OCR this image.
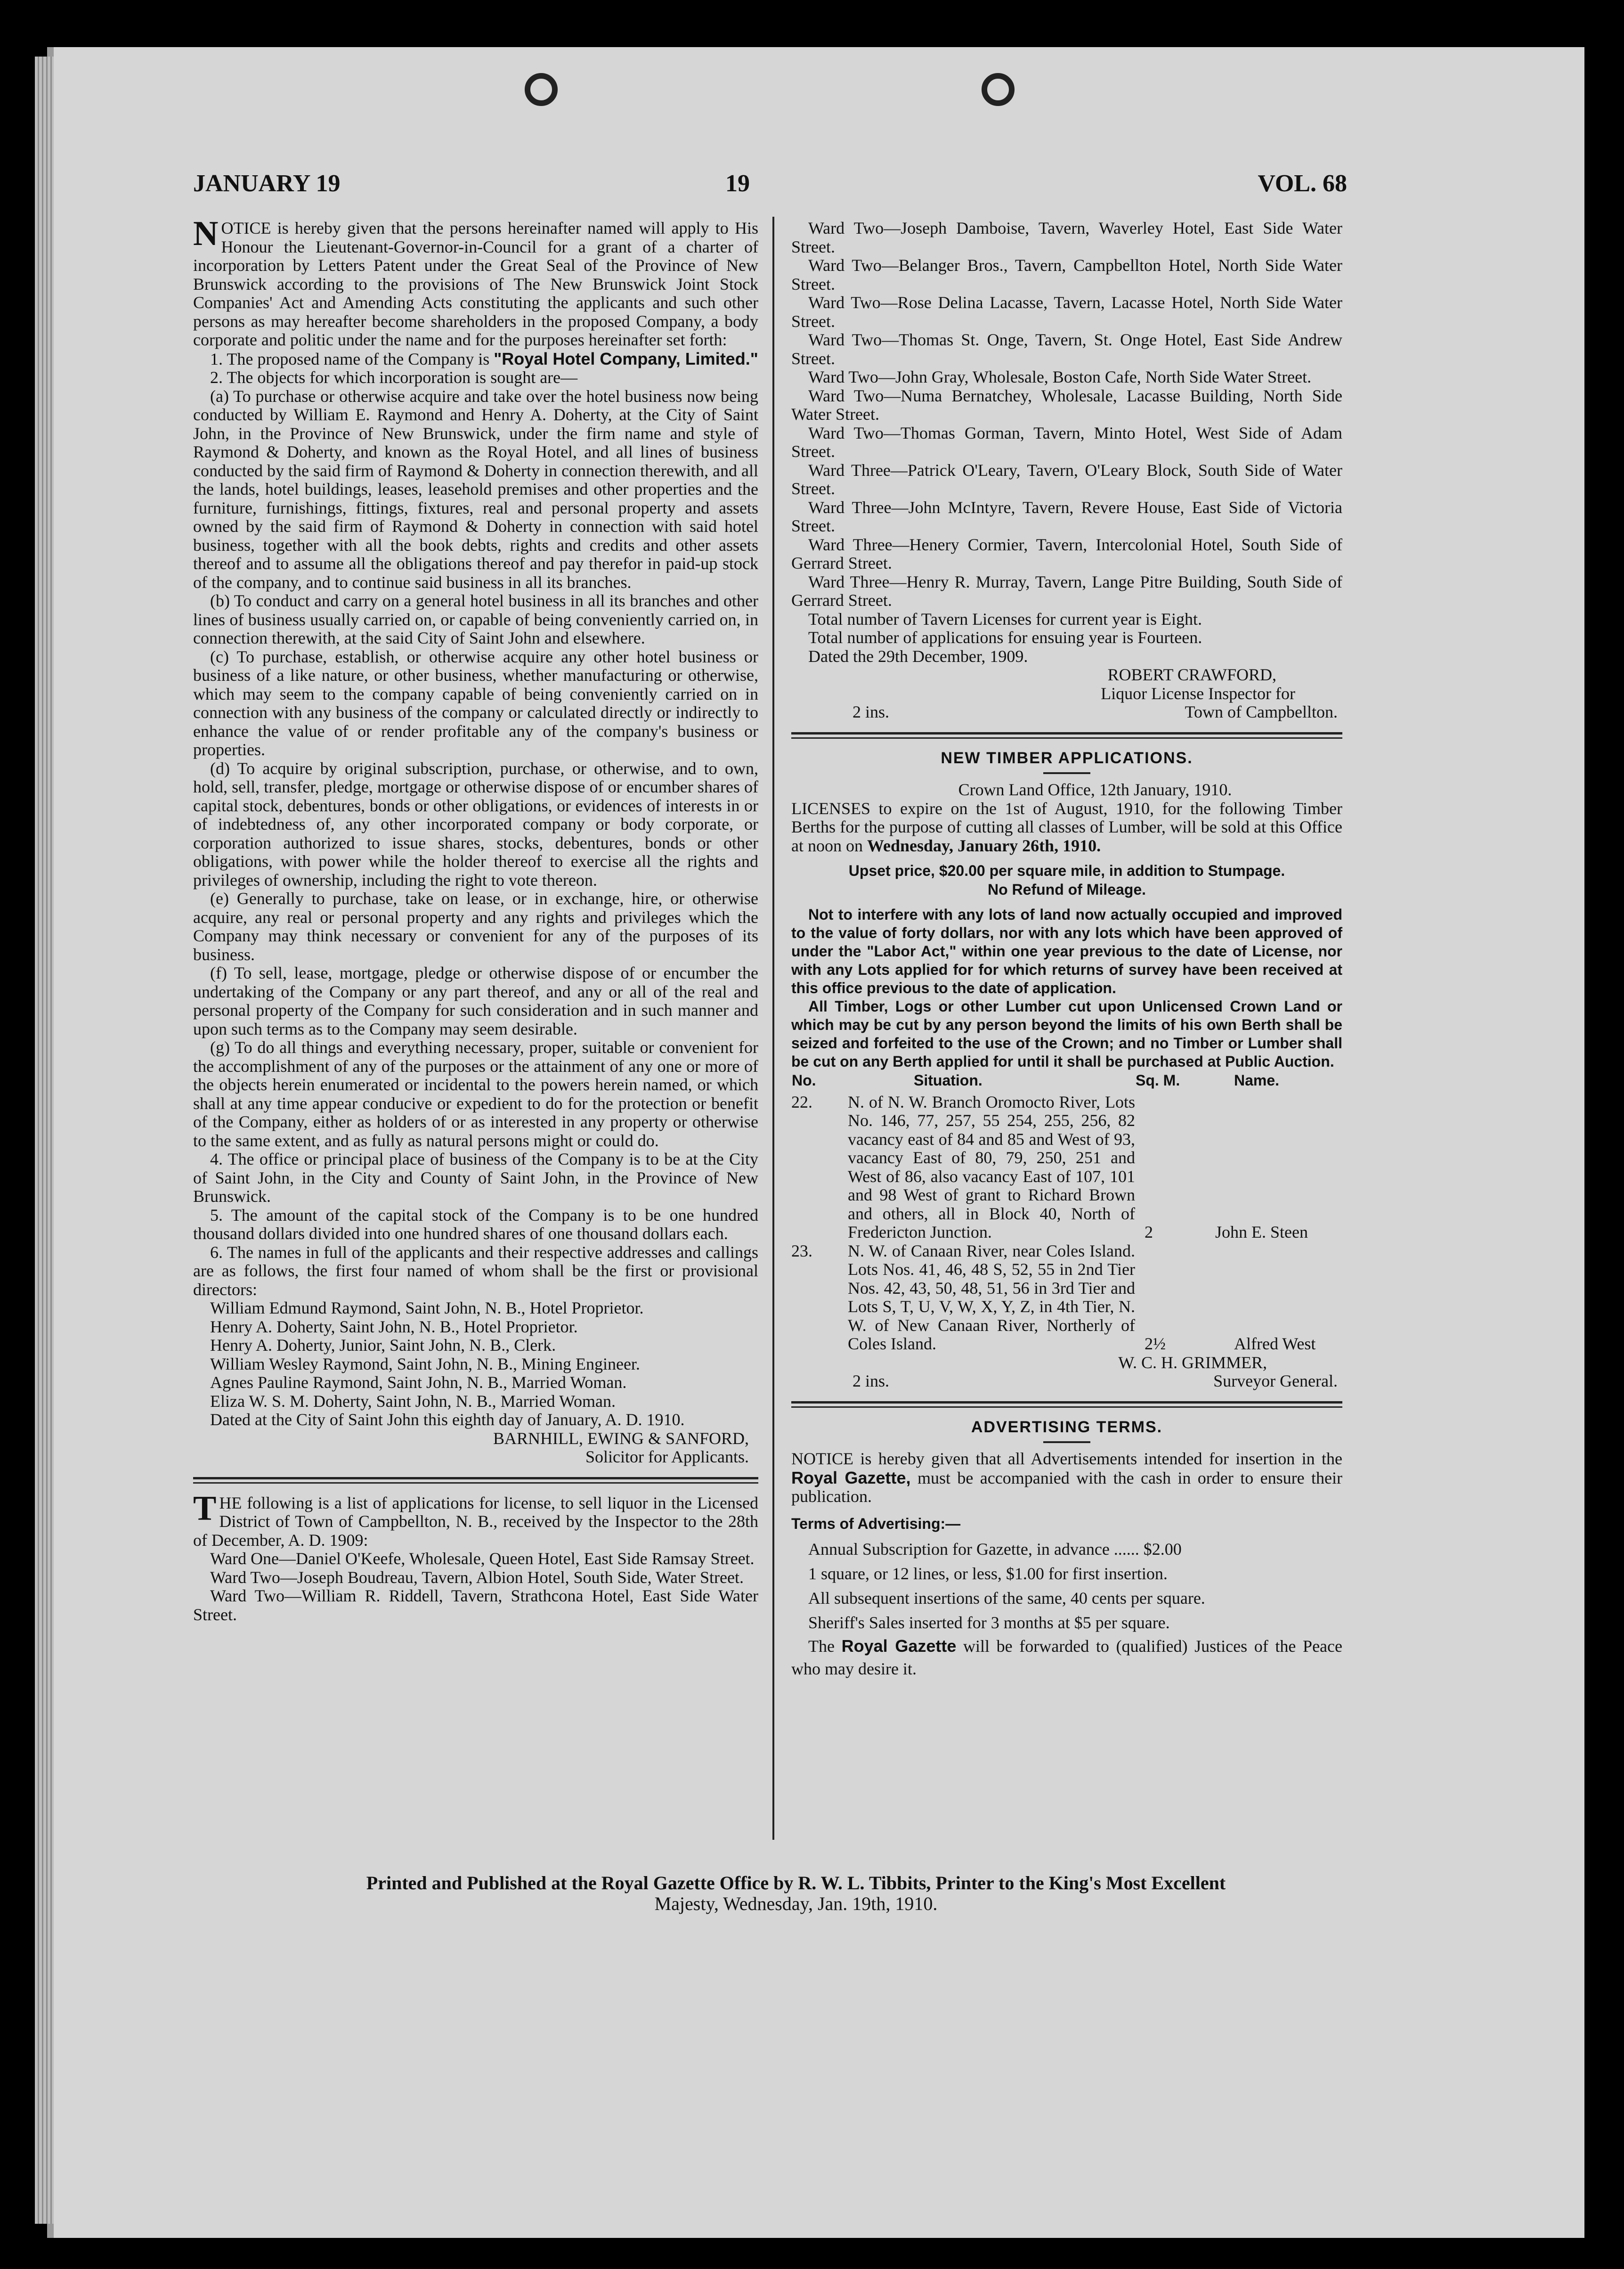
JANUARY 19	19	VOL. 68

NOTICE is hereby given that the persons hereinafter named will apply to His Honour the Lieutenant-Governor-in-Council for a grant of a charter of incorporation by Letters Patent under the Great Seal of the Province of New Brunswick according to the provisions of The New Brunswick Joint Stock Companies' Act and Amending Acts constituting the applicants and such other persons as may hereafter become shareholders in the proposed Company, a body corporate and politic under the name and for the purposes hereinafter set forth:

1. The proposed name of the Company is "Royal Hotel Company, Limited."

2. The objects for which incorporation is sought are—

(a) To purchase or otherwise acquire and take over the hotel business now being conducted by William E. Raymond and Henry A. Doherty, at the City of Saint John, in the Province of New Brunswick, under the firm name and style of Raymond & Doherty, and known as the Royal Hotel, and all lines of business conducted by the said firm of Raymond & Doherty in connection therewith, and all the lands, hotel buildings, leases, leasehold premises and other properties and the furniture, furnishings, fittings, fixtures, real and personal property and assets owned by the said firm of Raymond & Doherty in connection with said hotel business, together with all the book debts, rights and credits and other assets thereof and to assume all the obligations thereof and pay therefor in paid-up stock of the company, and to continue said business in all its branches.

(b) To conduct and carry on a general hotel business in all its branches and other lines of business usually carried on, or capable of being conveniently carried on, in connection therewith, at the said City of Saint John and elsewhere.

(c) To purchase, establish, or otherwise acquire any other hotel business or business of a like nature, or other business, whether manufacturing or otherwise, which may seem to the company capable of being conveniently carried on in connection with any business of the company or calculated directly or indirectly to enhance the value of or render profitable any of the company's business or properties.

(d) To acquire by original subscription, purchase, or otherwise, and to own, hold, sell, transfer, pledge, mortgage or otherwise dispose of or encumber shares of capital stock, debentures, bonds or other obligations, or evidences of interests in or of indebtedness of, any other incorporated company or body corporate, or corporation authorized to issue shares, stocks, debentures, bonds or other obligations, with power while the holder thereof to exercise all the rights and privileges of ownership, including the right to vote thereon.

(e) Generally to purchase, take on lease, or in exchange, hire, or otherwise acquire, any real or personal property and any rights and privileges which the Company may think necessary or convenient for any of the purposes of its business.

(f) To sell, lease, mortgage, pledge or otherwise dispose of or encumber the undertaking of the Company or any part thereof, and any or all of the real and personal property of the Company for such consideration and in such manner and upon such terms as to the Company may seem desirable.

(g) To do all things and everything necessary, proper, suitable or convenient for the accomplishment of any of the purposes or the attainment of any one or more of the objects herein enumerated or incidental to the powers herein named, or which shall at any time appear conducive or expedient to do for the protection or benefit of the Company, either as holders of or as interested in any property or otherwise to the same extent, and as fully as natural persons might or could do.

4. The office or principal place of business of the Company is to be at the City of Saint John, in the City and County of Saint John, in the Province of New Brunswick.

5. The amount of the capital stock of the Company is to be one hundred thousand dollars divided into one hundred shares of one thousand dollars each.

6. The names in full of the applicants and their respective addresses and callings are as follows, the first four named of whom shall be the first or provisional directors:

William Edmund Raymond, Saint John, N. B., Hotel Proprietor.

Henry A. Doherty, Saint John, N. B., Hotel Proprietor.

Henry A. Doherty, Junior, Saint John, N. B., Clerk.

William Wesley Raymond, Saint John, N. B., Mining Engineer.

Agnes Pauline Raymond, Saint John, N. B., Married Woman.

Eliza W. S. M. Doherty, Saint John, N. B., Married Woman.

Dated at the City of Saint John this eighth day of January, A. D. 1910.

BARNHILL, EWING & SANFORD,

Solicitor for Applicants.

THE following is a list of applications for license, to sell liquor in the Licensed District of Town of Campbellton, N. B., received by the Inspector to the 28th of December, A. D. 1909:

Ward One—Daniel O'Keefe, Wholesale, Queen Hotel, East Side Ramsay Street.

Ward Two—Joseph Boudreau, Tavern, Albion Hotel, South Side, Water Street.

Ward Two—William R. Riddell, Tavern, Strathcona Hotel, East Side Water Street.

Ward Two—Joseph Damboise, Tavern, Waverley Hotel, East Side Water Street.

Ward Two—Belanger Bros., Tavern, Campbellton Hotel, North Side Water Street.

Ward Two—Rose Delina Lacasse, Tavern, Lacasse Hotel, North Side Water Street.

Ward Two—Thomas St. Onge, Tavern, St. Onge Hotel, East Side Andrew Street.

Ward Two—John Gray, Wholesale, Boston Cafe, North Side Water Street.

Ward Two—Numa Bernatchey, Wholesale, Lacasse Building, North Side Water Street.

Ward Two—Thomas Gorman, Tavern, Minto Hotel, West Side of Adam Street.

Ward Three—Patrick O'Leary, Tavern, O'Leary Block, South Side of Water Street.

Ward Three—John McIntyre, Tavern, Revere House, East Side of Victoria Street.

Ward Three—Henery Cormier, Tavern, Intercolonial Hotel, South Side of Gerrard Street.

Ward Three—Henry R. Murray, Tavern, Lange Pitre Building, South Side of Gerrard Street.

Total number of Tavern Licenses for current year is Eight.

Total number of applications for ensuing year is Fourteen.

Dated the 29th December, 1909.

ROBERT CRAWFORD,

Liquor License Inspector for

2 ins.	Town of Campbellton.

NEW TIMBER APPLICATIONS.

Crown Land Office, 12th January, 1910.

LICENSES to expire on the 1st of August, 1910, for the following Timber Berths for the purpose of cutting all classes of Lumber, will be sold at this Office at noon on Wednesday, January 26th, 1910.

Upset price, $20.00 per square mile, in addition to Stumpage.

No Refund of Mileage.

Not to interfere with any lots of land now actually occupied and improved to the value of forty dollars, nor with any lots which have been approved of under the "Labor Act," within one year previous to the date of License, nor with any Lots applied for for which returns of survey have been received at this office previous to the date of application.

All Timber, Logs or other Lumber cut upon Unlicensed Crown Land or which may be cut by any person beyond the limits of his own Berth shall be seized and forfeited to the use of the Crown; and no Timber or Lumber shall be cut on any Berth applied for until it shall be purchased at Public Auction.

No.	Situation.	Sq. M.	Name.
22.	N. of N. W. Branch Oromocto River, Lots No. 146, 77, 257, 55 254, 255, 256, 82 vacancy east of 84 and 85 and West of 93, vacancy East of 80, 79, 250, 251 and West of 86, also vacancy East of 107, 101 and 98 West of grant to Richard Brown and others, all in Block 40, North of Fredericton Junction.	2	John E. Steen
23.	N. W. of Canaan River, near Coles Island. Lots Nos. 41, 46, 48 S, 52, 55 in 2nd Tier Nos. 42, 43, 50, 48, 51, 56 in 3rd Tier and Lots S, T, U, V, W, X, Y, Z, in 4th Tier, N. W. of New Canaan River, Northerly of Coles Island.	2½	Alfred West

W. C. H. GRIMMER,

2 ins.	Surveyor General.

ADVERTISING TERMS.

NOTICE is hereby given that all Advertisements intended for insertion in the Royal Gazette, must be accompanied with the cash in order to ensure their publication.

Terms of Advertising:—

Annual Subscription for Gazette, in advance ...... $2.00

1 square, or 12 lines, or less, $1.00 for first insertion.

All subsequent insertions of the same, 40 cents per square.

Sheriff's Sales inserted for 3 months at $5 per square.

The Royal Gazette will be forwarded to (qualified) Justices of the Peace who may desire it.

Printed and Published at the Royal Gazette Office by R. W. L. Tibbits, Printer to the King's Most Excellent
Majesty, Wednesday, Jan. 19th, 1910.
